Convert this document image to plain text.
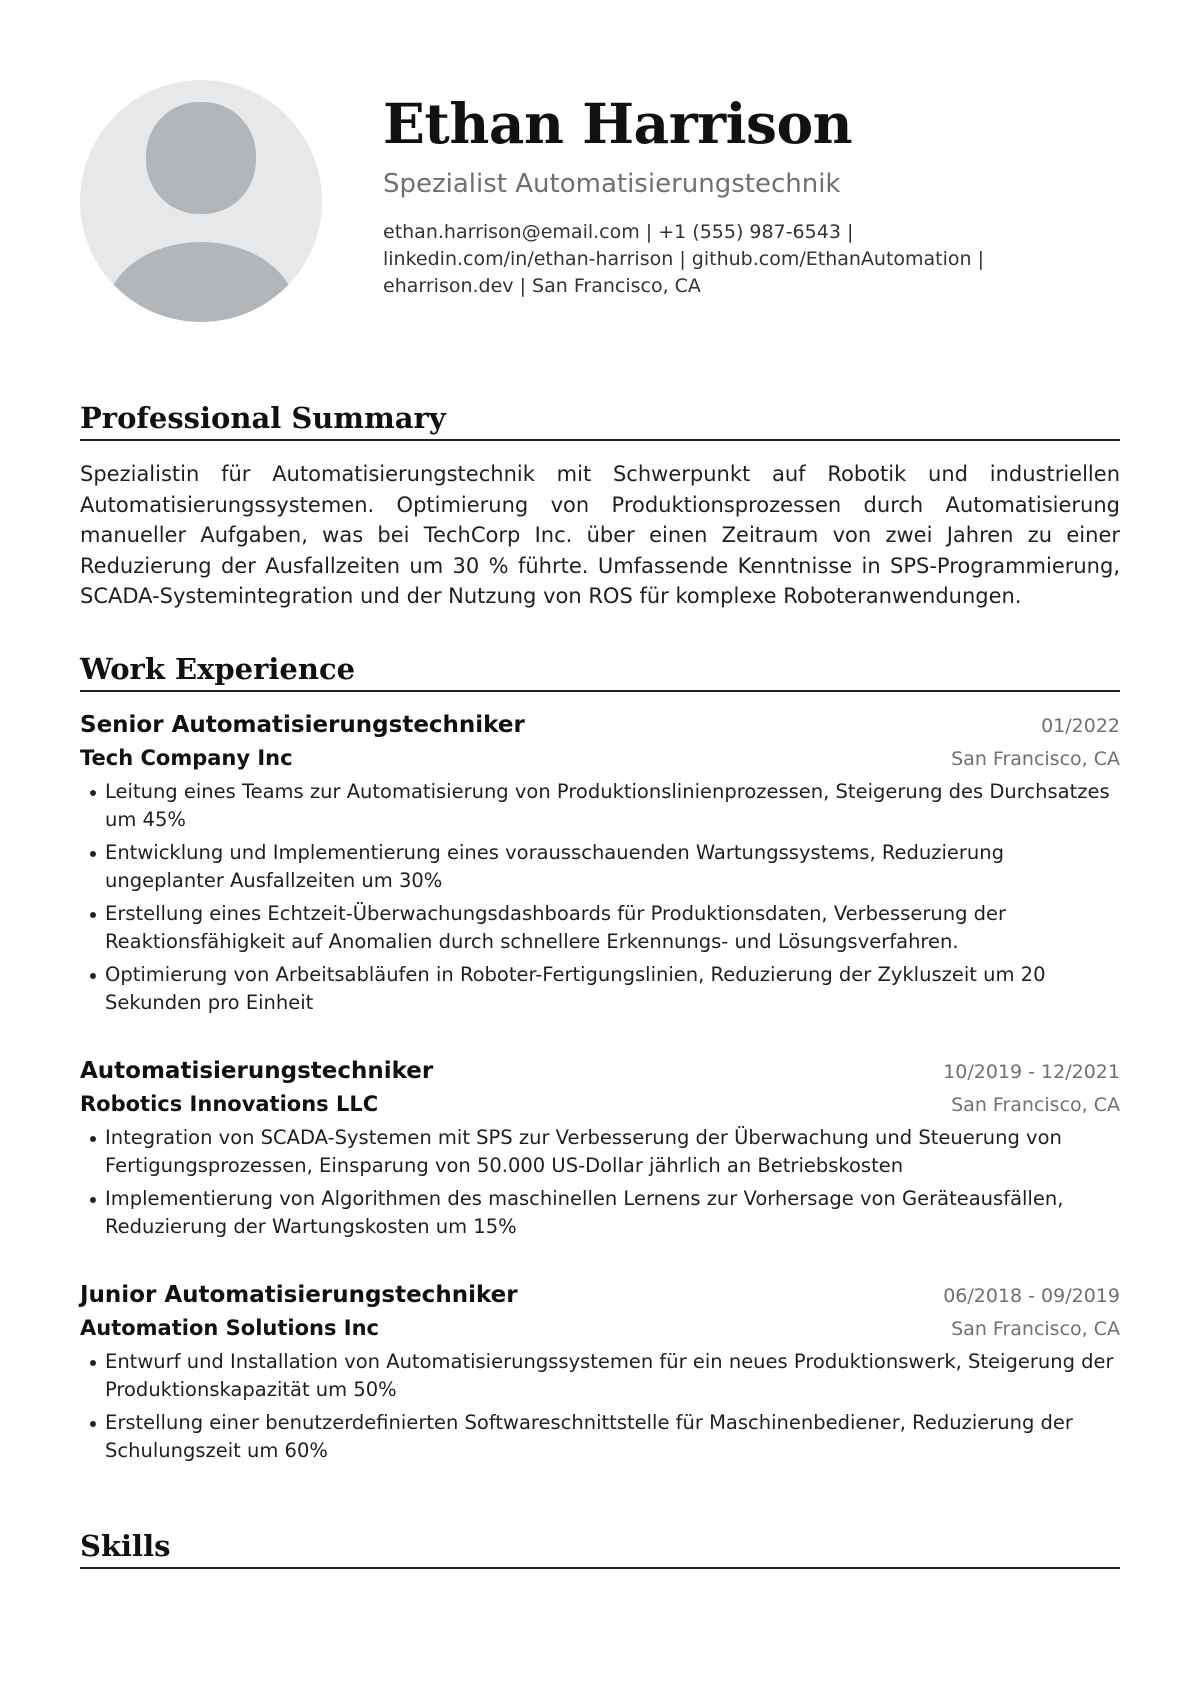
Ethan Harrison
Spezialist Automatisierungstechnik
ethan.harrison@email.com | +1 (555) 987-6543 |
linkedin.com/in/ethan-harrison | github.com/EthanAutomation |
eharrison.dev | San Francisco, CA
Professional Summary
Spezialistin für Automatisierungstechnik mit Schwerpunkt auf Robotik und industriellen Automatisierungssystemen. Optimierung von Produktionsprozessen durch Automatisierung manueller Aufgaben, was bei TechCorp Inc. über einen Zeitraum von zwei Jahren zu einer Reduzierung der Ausfallzeiten um 30 % führte. Umfassende Kenntnisse in SPS-Programmierung, SCADA-Systemintegration und der Nutzung von ROS für komplexe Roboteranwendungen.
Work Experience
Senior Automatisierungstechniker	01/2022
Tech Company Inc	San Francisco, CA
Leitung eines Teams zur Automatisierung von Produktionslinienprozessen, Steigerung des Durchsatzes um 45%
Entwicklung und Implementierung eines vorausschauenden Wartungssystems, Reduzierung ungeplanter Ausfallzeiten um 30%
Erstellung eines Echtzeit-Überwachungsdashboards für Produktionsdaten, Verbesserung der Reaktionsfähigkeit auf Anomalien durch schnellere Erkennungs- und Lösungsverfahren.
Optimierung von Arbeitsabläufen in Roboter-Fertigungslinien, Reduzierung der Zykluszeit um 20 Sekunden pro Einheit
Automatisierungstechniker	10/2019 - 12/2021
Robotics Innovations LLC	San Francisco, CA
Integration von SCADA-Systemen mit SPS zur Verbesserung der Überwachung und Steuerung von Fertigungsprozessen, Einsparung von 50.000 US-Dollar jährlich an Betriebskosten
Implementierung von Algorithmen des maschinellen Lernens zur Vorhersage von Geräteausfällen, Reduzierung der Wartungskosten um 15%
Junior Automatisierungstechniker	06/2018 - 09/2019
Automation Solutions Inc	San Francisco, CA
Entwurf und Installation von Automatisierungssystemen für ein neues Produktionswerk, Steigerung der Produktionskapazität um 50%
Erstellung einer benutzerdefinierten Softwareschnittstelle für Maschinenbediener, Reduzierung der Schulungszeit um 60%
Skills
